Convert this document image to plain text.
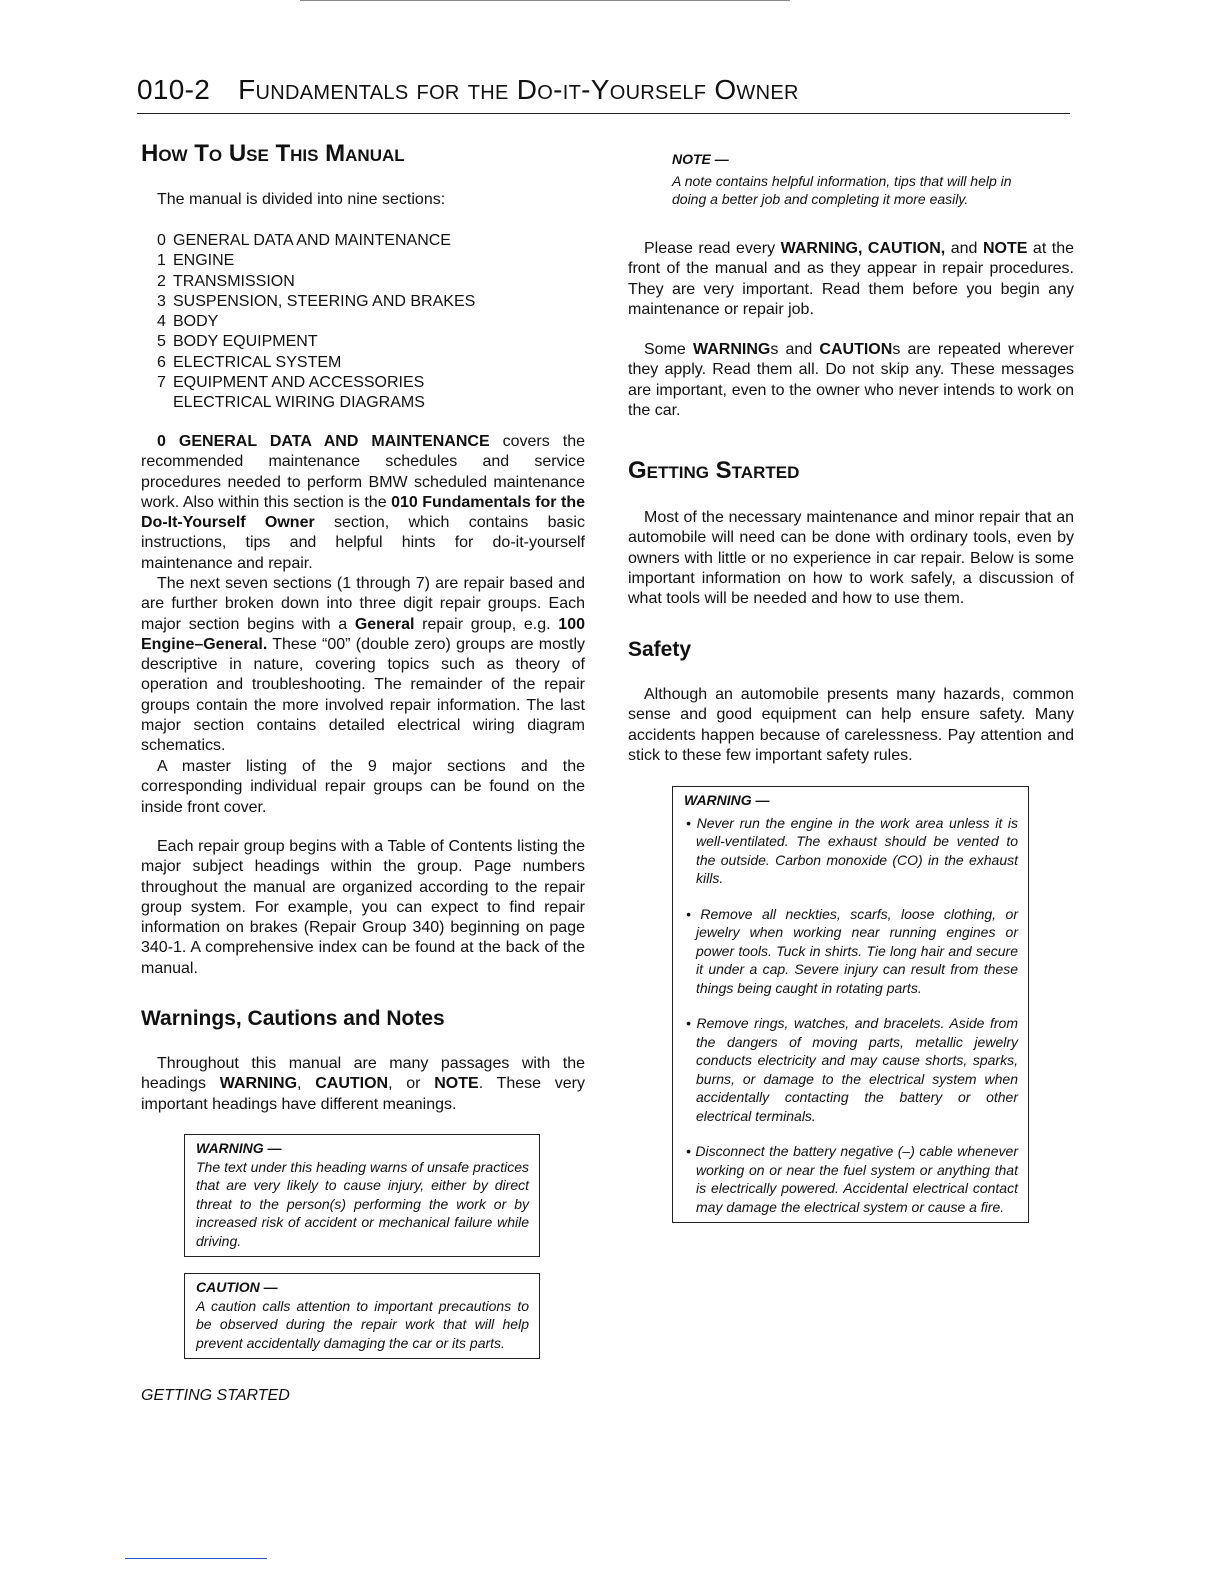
010-2 Fundamentals for the Do-it-Yourself Owner
How To Use This Manual

The manual is divided into nine sections:

0 GENERAL DATA AND MAINTENANCE
1 ENGINE
2 TRANSMISSION
3 SUSPENSION, STEERING AND BRAKES
4 BODY
5 BODY EQUIPMENT
6 ELECTRICAL SYSTEM
7 EQUIPMENT AND ACCESSORIES
ELECTRICAL WIRING DIAGRAMS

0 GENERAL DATA AND MAINTENANCE covers the recommended maintenance schedules and service procedures needed to perform BMW scheduled maintenance work. Also within this section is the 010 Fundamentals for the Do-It-Yourself Owner section, which contains basic instructions, tips and helpful hints for do-it-yourself maintenance and repair.

The next seven sections (1 through 7) are repair based and are further broken down into three digit repair groups. Each major section begins with a General repair group, e.g. 100 Engine–General. These “00” (double zero) groups are mostly descriptive in nature, covering topics such as theory of operation and troubleshooting. The remainder of the repair groups contain the more involved repair information. The last major section contains detailed electrical wiring diagram schematics.

A master listing of the 9 major sections and the corresponding individual repair groups can be found on the inside front cover.

Each repair group begins with a Table of Contents listing the major subject headings within the group. Page numbers throughout the manual are organized according to the repair group system. For example, you can expect to find repair information on brakes (Repair Group 340) beginning on page 340-1. A comprehensive index can be found at the back of the manual.

Warnings, Cautions and Notes

Throughout this manual are many passages with the headings WARNING, CAUTION, or NOTE. These very important headings have different meanings.

WARNING —
The text under this heading warns of unsafe practices that are very likely to cause injury, either by direct threat to the person(s) performing the work or by increased risk of accident or mechanical failure while driving.
CAUTION —
A caution calls attention to important precautions to be observed during the repair work that will help prevent accidentally damaging the car or its parts.
GETTING STARTED
NOTE —
A note contains helpful information, tips that will help in doing a better job and completing it more easily.

Please read every WARNING, CAUTION, and NOTE at the front of the manual and as they appear in repair procedures. They are very important. Read them before you begin any maintenance or repair job.

Some WARNINGs and CAUTIONs are repeated wherever they apply. Read them all. Do not skip any. These messages are important, even to the owner who never intends to work on the car.

Getting Started

Most of the necessary maintenance and minor repair that an automobile will need can be done with ordinary tools, even by owners with little or no experience in car repair. Below is some important information on how to work safely, a discussion of what tools will be needed and how to use them.

Safety

Although an automobile presents many hazards, common sense and good equipment can help ensure safety. Many accidents happen because of carelessness. Pay attention and stick to these few important safety rules.

WARNING —
• Never run the engine in the work area unless it is well-ventilated. The exhaust should be vented to the outside. Carbon monoxide (CO) in the exhaust kills.
• Remove all neckties, scarfs, loose clothing, or jewelry when working near running engines or power tools. Tuck in shirts. Tie long hair and secure it under a cap. Severe injury can result from these things being caught in rotating parts.
• Remove rings, watches, and bracelets. Aside from the dangers of moving parts, metallic jewelry conducts electricity and may cause shorts, sparks, burns, or damage to the electrical system when accidentally contacting the battery or other electrical terminals.
• Disconnect the battery negative (–) cable whenever working on or near the fuel system or anything that is electrically powered. Accidental electrical contact may damage the electrical system or cause a fire.
